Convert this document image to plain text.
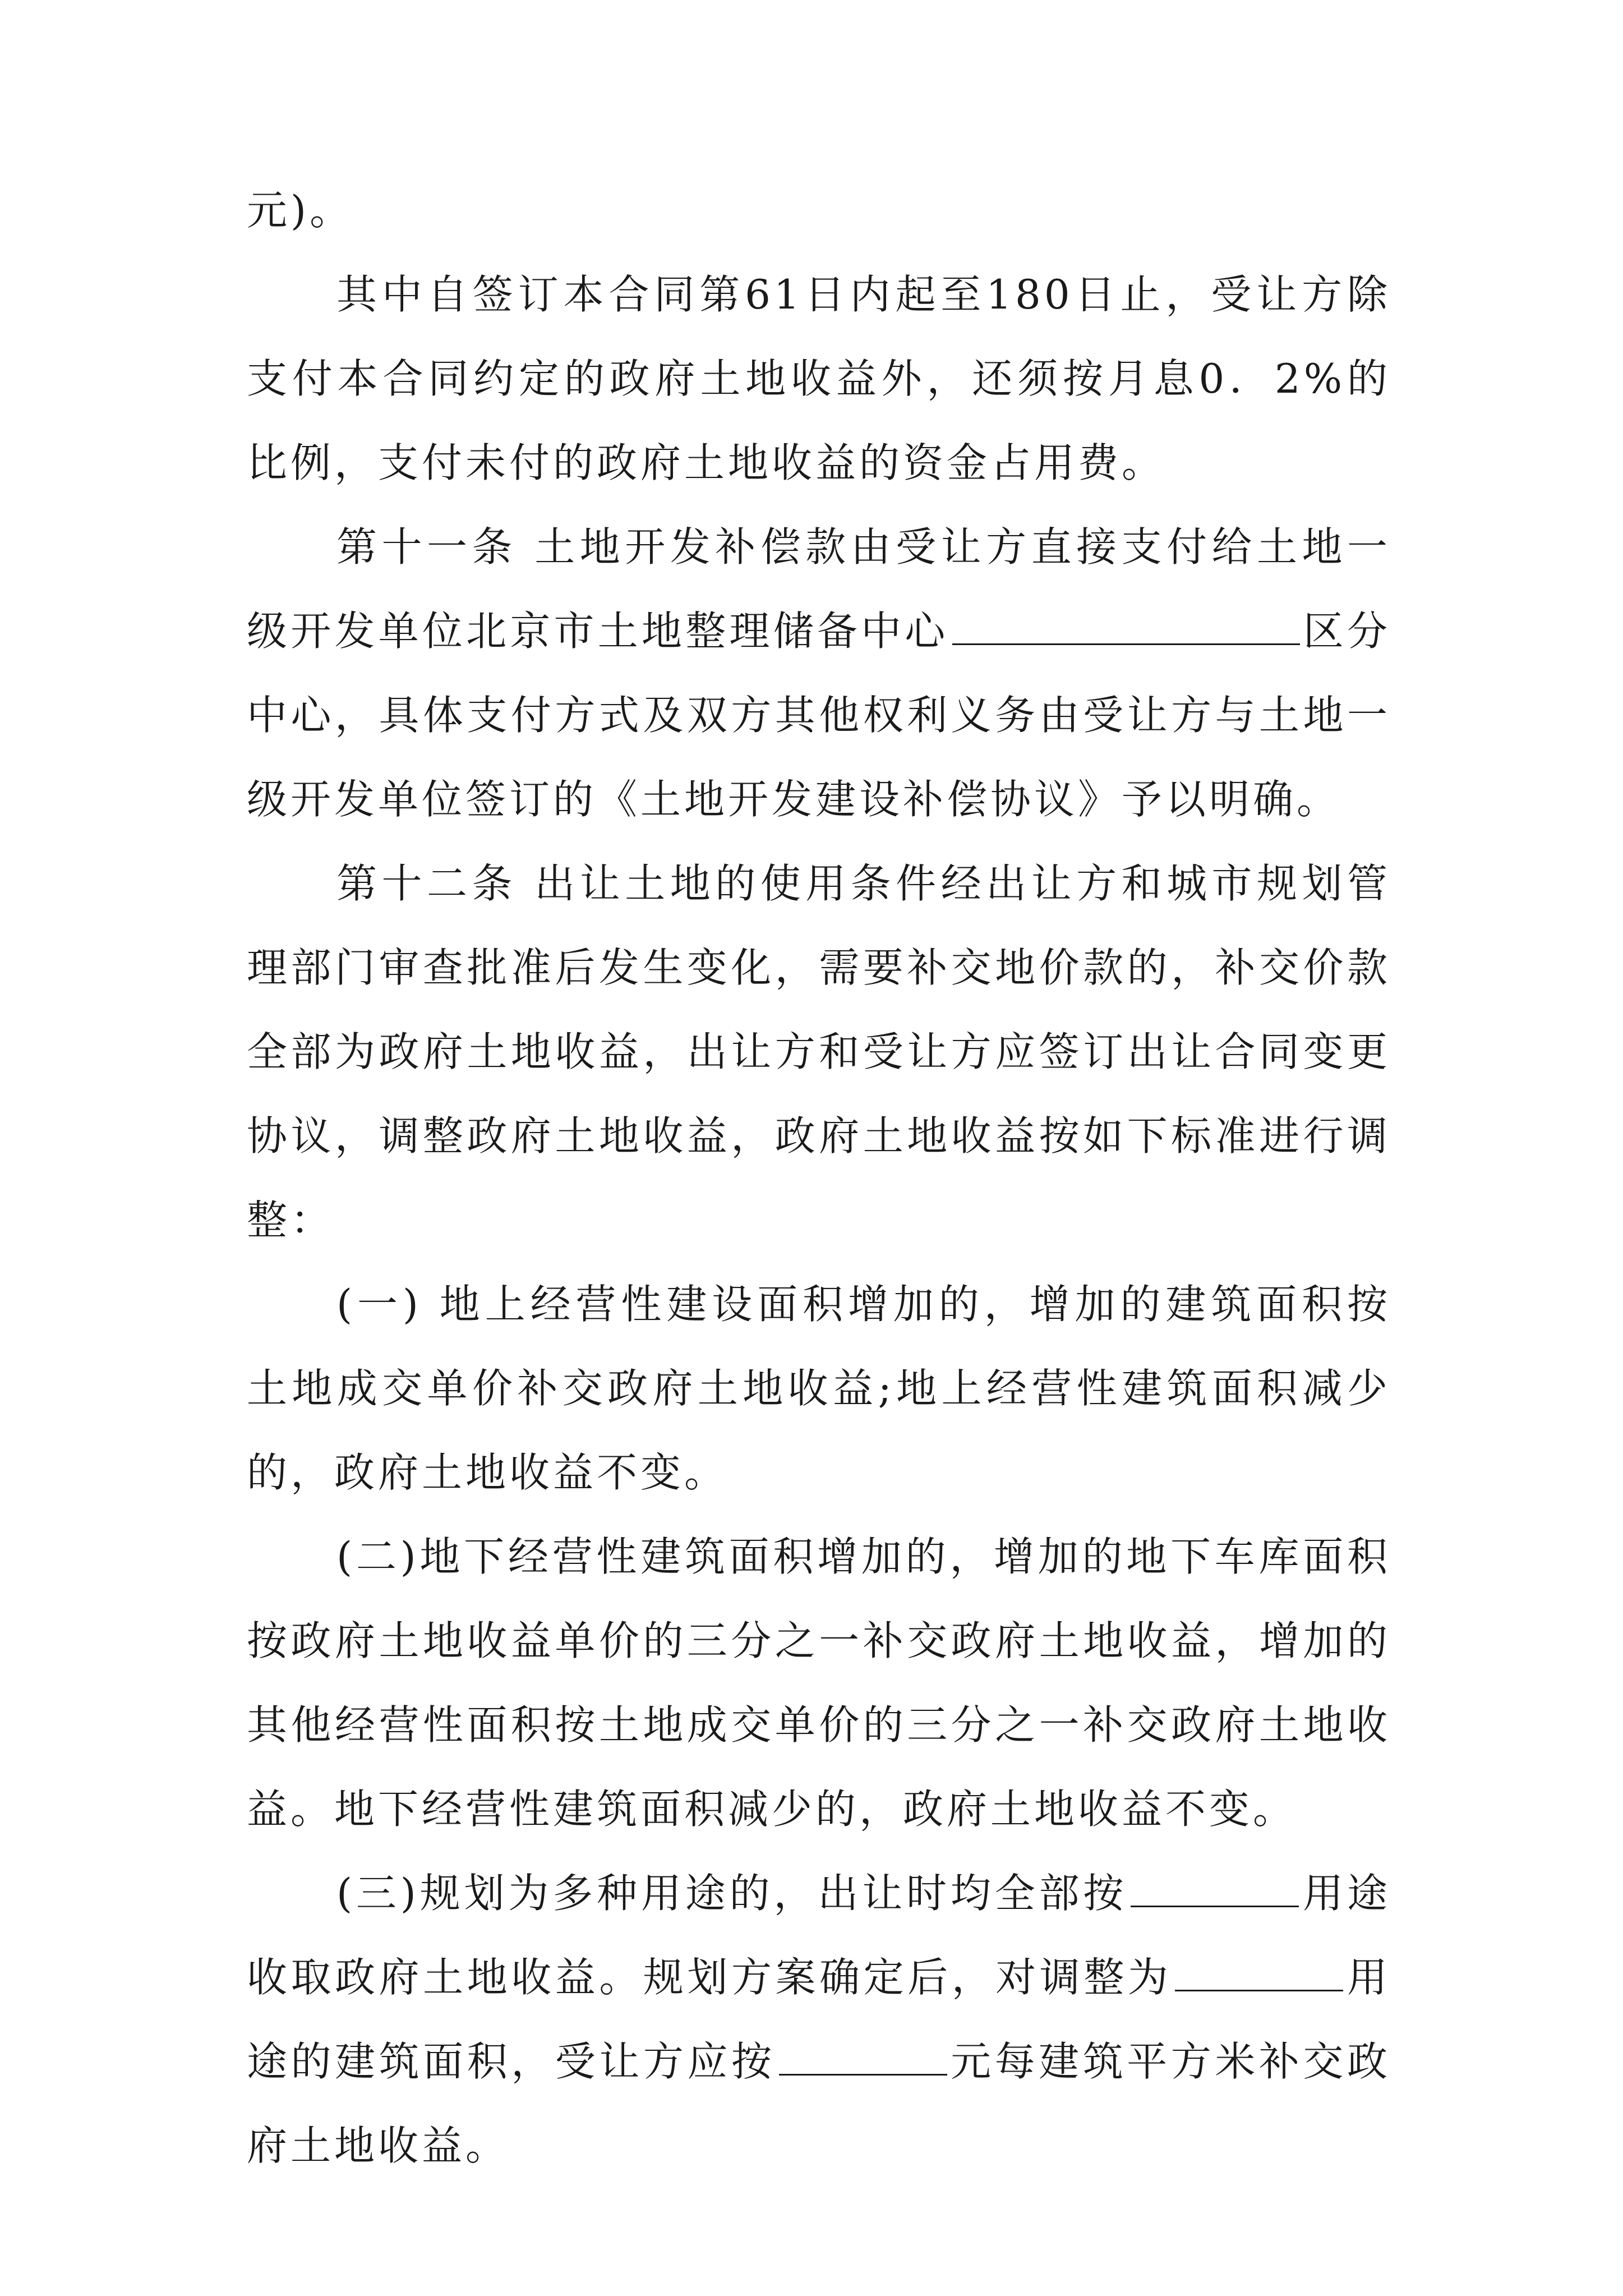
元)。

其中自签订本合同第61日内起至180日止，受让方除支付本合同约定的政府土地收益外，还须按月息0．2%的比例，支付未付的政府土地收益的资金占用费。

第十一条 土地开发补偿款由受让方直接支付给土地一级开发单位北京市土地整理储备中心	区分中心，具体支付方式及双方其他权利义务由受让方与土地一级开发单位签订的《土地开发建设补偿协议》予以明确。

第十二条 出让土地的使用条件经出让方和城市规划管理部门审查批准后发生变化，需要补交地价款的，补交价款全部为政府土地收益，出让方和受让方应签订出让合同变更协议，调整政府土地收益，政府土地收益按如下标准进行调整：

(一) 地上经营性建设面积增加的，增加的建筑面积按土地成交单价补交政府土地收益;地上经营性建筑面积减少的，政府土地收益不变。

(二)地下经营性建筑面积增加的，增加的地下车库面积按政府土地收益单价的三分之一补交政府土地收益，增加的其他经营性面积按土地成交单价的三分之一补交政府土地收益。地下经营性建筑面积减少的，政府土地收益不变。

(三)规划为多种用途的，出让时均全部按	用途收取政府土地收益。规划方案确定后，对调整为	用途的建筑面积，受让方应按	元每建筑平方米补交政府土地收益。
